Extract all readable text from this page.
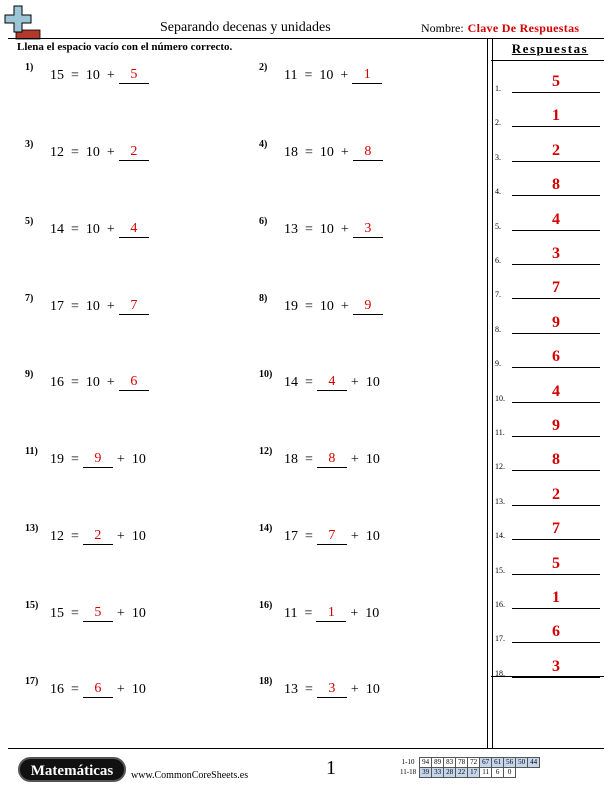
Separando decenas y unidades	Nombre: Clave De Respuestas
Llena el espacio vacío con el número correcto.
1)
15 = 10 +	5	2)
11 = 10 +	1
3)
12 = 10 +	2	4)
18 = 10 +	8
5)
14 = 10 +	4	6)
13 = 10 +	3
7)
17 = 10 +	7	8)
19 = 10 +	9
9)
16 = 10 +	6	10)
14 =	4	+ 10
11)
19 =	9	+ 10
12)
18 =	8	+ 10
13)
12 =	2	+ 10
14)
17 =	7	+ 10
15)
15 =	5	+ 10
16)
11 =	1	+ 10
17)
16 =	6	+ 10
18)
13 =	3	+ 10
Respuestas
1.	5
2.	1
3.	2
4.	8
5.	4
6.	3
7.	7
8.	9
9.	6
10.	4
11.	9
12.	8
13.	2
14.	7
15.	5
16.	1
17.	6
18.	3
Matemáticas	www.CommonCoreSheets.es	1	1-10	94	89	83	78	72	67	61	56	50	44
11-18	39	33	28	22	17	11	6	0		
